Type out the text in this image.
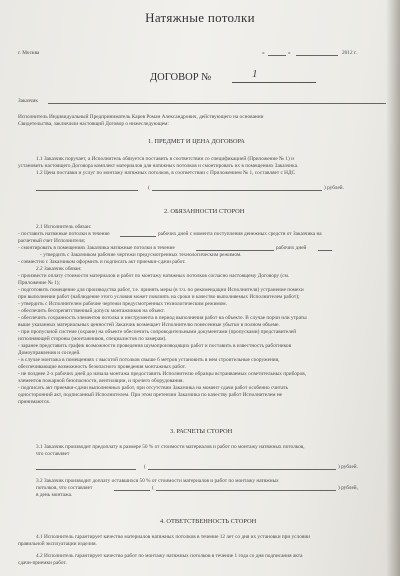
Натяжные потолки
г. Москва	«	»	2012 г.
ДОГОВОР №	1
Заказчик
Исполнитель Индивидуальный Предприниматель Карев Роман Александрович, действующего на основании
Свидетельства, заключили настоящий Договор о нижеследующем:
1. ПРЕДМЕТ И ЦЕНА ДОГОВОРА
1.1 Заказчик поручает, а Исполнитель обязуется поставить в соответствии со спецификацией (Приложение № 1) и
установить настоящего Договора комплект материалов для натяжных потолков и смонтировать их в помещениях Заказчика.
1.2 Цена поставки и услуг по монтажу натяжных потолков, в соответствии с Приложением № 1, составляет с НДС
(	) рублей.
2. ОБЯЗАННОСТИ СТОРОН
2.1 Исполнитель обязан:
- поставить натяжные потолки в течение	рабочих дней с момента поступления денежных средств от Заказчика на
расчетный счет Исполнителя;
- смонтировать в помещениях Заказчика натяжные потолки в течение	рабочих дней
- утвердить с Заказчиком рабочие чертежи предусмотренных технологическим режимом.
- совместно с Заказчиком оформить и подписать акт приемки-сдачи работ.
2.2 Заказчик обязан:
- произвести оплату стоимости материалов и работ по монтажу натяжных потолков согласно настоящему Договору (см.
Приложение № 1);
- подготовить помещение для производства работ, т.е. принять меры (в т.ч. по рекомендации Исполнителя) устранение помехи
при выполнении работ (наблюдение этого условия может повлиять на сроки и качество выполняемых Исполнителем работ);
- утвердить с Исполнителем рабочие чертежи предусмотренных технологическим режимом.
- обеспечить беспрепятственный допуск монтажников на объект.
- обеспечить сохранность элементов потолка и инструмента в период выполнения работ на объекте. В случае порчи или утраты
выше указанных материальных ценностей Заказчик возмещает Исполнителю понесенные убытки в полном объеме.
- при пропускной системе (охране) на объекте обеспечить сопроводительными документами (пропусками) представителей
исполняющей стороны (монтажников, специалистов по замерам).
- заранее представить график возможности проведения шумопроизводящих работ и поставить в известность работников
Домоуправления и соседей.
- в случае монтажа в помещениях с высотой потолков свыше 6 метров установить в нем строительные сооружения,
обеспечивающие возможность безопасного проведения монтажных работ.
- не позднее 2-х рабочих дней до начала монтажа предоставить Исполнителю образцы встраиваемых осветительных приборов,
элементов пожарной безопасности, вентиляции, и прочего оборудования.
- подписать акт приемки-сдачи выполненных работ, при отсутствии Заказчика на момент сдачи работ особенно считать
односторонний акт, подписанный Исполнителем. При этом претензии Заказчика по качеству работ Исполнителем не
принимаются.
3. РАСЧЕТЫ СТОРОН
3.1 Заказчик производит предоплату в размере 50 % от стоимости материалов и работ по монтажу натяжных потолков,
что составляет
(	) рублей.
3.2 Заказчик производит доплату оставшихся 50 % от стоимости материалов и работ по монтажу натяжных
потолков, что составляет	(	) рублей,
в день монтажа.
4. ОТВЕТСТВЕННОСТЬ СТОРОН
4.1 Исполнитель гарантирует качество материалов натяжных потолков в течение 12 лет со дня их установки при условии
правильной эксплуатации изделия.
4.2 Исполнитель гарантирует качество работ по монтажу натяжных потолков в течение 1 года со дня подписания акта
сдачи-приемки работ.
